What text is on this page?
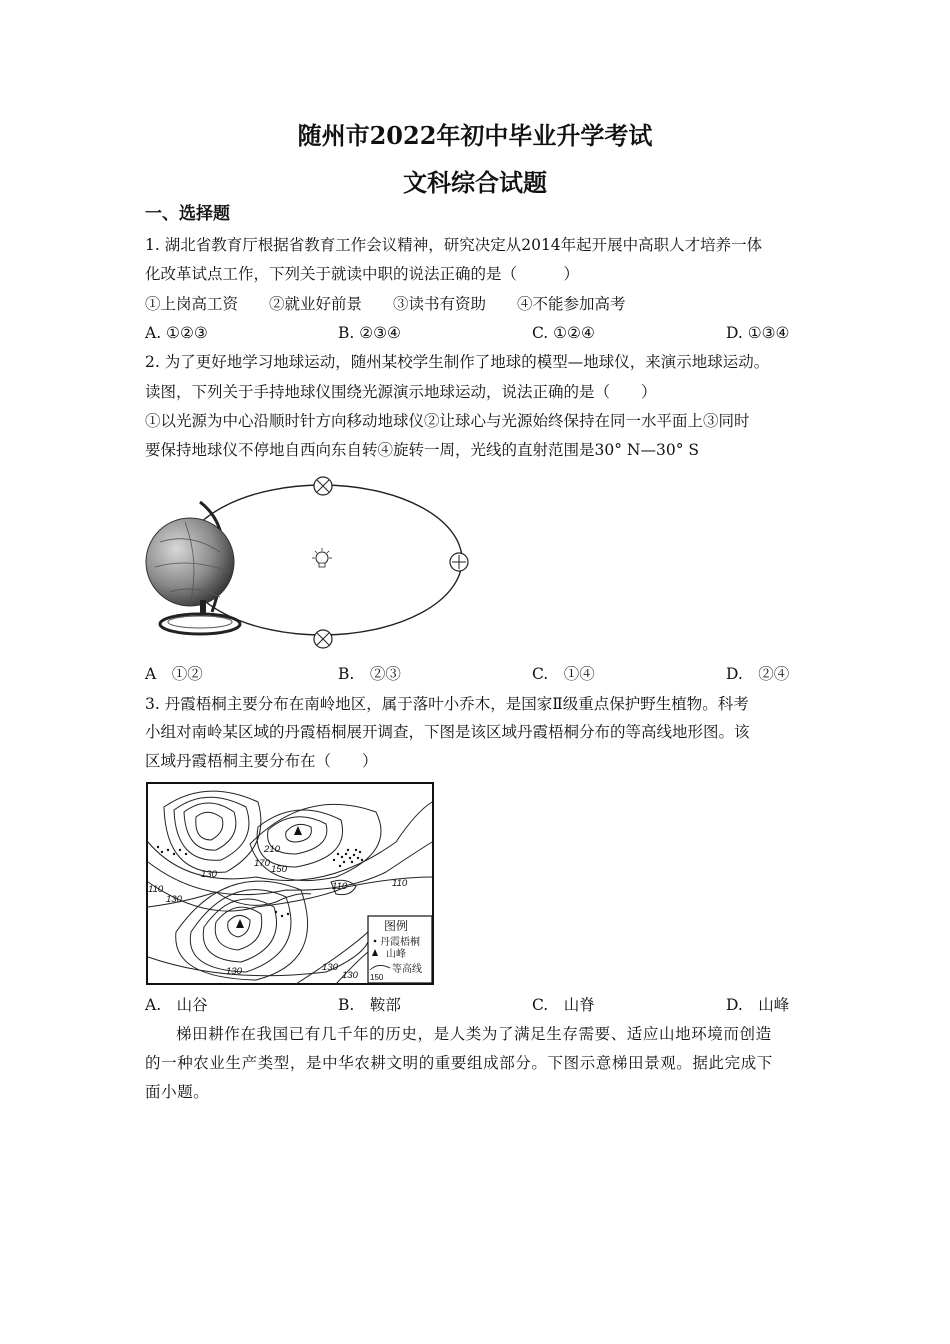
随州市2022年初中毕业升学考试
文科综合试题
一、选择题
1. 湖北省教育厅根据省教育工作会议精神，研究决定从2014年起开展中高职人才培养一体
化改革试点工作，下列关于就读中职的说法正确的是（　　　）
①上岗高工资　　②就业好前景　　③读书有资助　　④不能参加高考
A. ①②③	B. ②③④	C. ①②④	D. ①③④
2. 为了更好地学习地球运动，随州某校学生制作了地球的模型—地球仪，来演示地球运动。
读图，下列关于手持地球仪围绕光源演示地球运动，说法正确的是（　　）
①以光源为中心沿顺时针方向移动地球仪②让球心与光源始终保持在同一水平面上③同时
要保持地球仪不停地自西向东自转④旋转一周，光线的直射范围是30° N—30° S
A　①②	B.　②③	C.　①④	D.　②④
3. 丹霞梧桐主要分布在南岭地区，属于落叶小乔木，是国家Ⅱ级重点保护野生植物。科考
小组对南岭某区域的丹霞梧桐展开调查，下图是该区域丹霞梧桐分布的等高线地形图。该
区域丹霞梧桐主要分布在（　　）
210
170
150
130
110
130
110	110
130	130
130
图例
丹霞梧桐
山峰
150
等高线
A.　山谷	B.　鞍部	C.　山脊	D.　山峰
梯田耕作在我国已有几千年的历史，是人类为了满足生存需要、适应山地环境而创造
的一种农业生产类型，是中华农耕文明的重要组成部分。下图示意梯田景观。据此完成下
面小题。
